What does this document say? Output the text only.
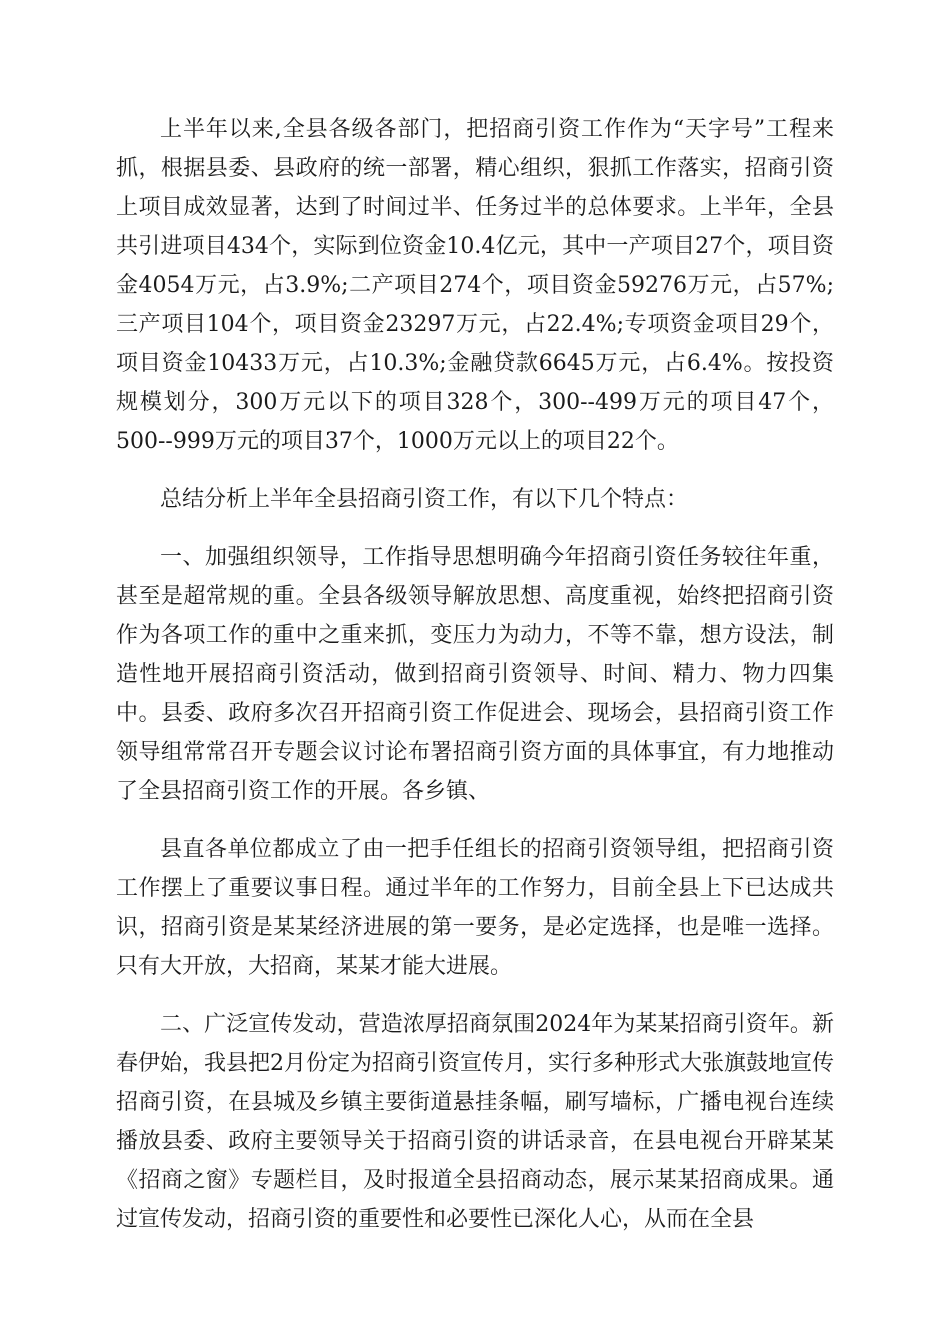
上半年以来,全县各级各部门，把招商引资工作作为“天字号”工程来抓，根据县委、县政府的统一部署，精心组织，狠抓工作落实，招商引资上项目成效显著，达到了时间过半、任务过半的总体要求。上半年，全县共引进项目434个，实际到位资金10.4亿元，其中一产项目27个，项目资金4054万元，占3.9%;二产项目274个，项目资金59276万元，占57%;三产项目104个，项目资金23297万元，占22.4%;专项资金项目29个，项目资金10433万元，占10.3%;金融贷款6645万元，占6.4%。按投资规模划分，300万元以下的项目328个，300--499万元的项目47个，500--999万元的项目37个，1000万元以上的项目22个。

总结分析上半年全县招商引资工作，有以下几个特点：

一、加强组织领导，工作指导思想明确今年招商引资任务较往年重，甚至是超常规的重。全县各级领导解放思想、高度重视，始终把招商引资作为各项工作的重中之重来抓，变压力为动力，不等不靠，想方设法，制造性地开展招商引资活动，做到招商引资领导、时间、精力、物力四集中。县委、政府多次召开招商引资工作促进会、现场会，县招商引资工作领导组常常召开专题会议讨论布署招商引资方面的具体事宜，有力地推动了全县招商引资工作的开展。各乡镇、

县直各单位都成立了由一把手任组长的招商引资领导组，把招商引资工作摆上了重要议事日程。通过半年的工作努力，目前全县上下已达成共识，招商引资是某某经济进展的第一要务，是必定选择，也是唯一选择。只有大开放，大招商，某某才能大进展。

二、广泛宣传发动，营造浓厚招商氛围2024年为某某招商引资年。新春伊始，我县把2月份定为招商引资宣传月，实行多种形式大张旗鼓地宣传招商引资，在县城及乡镇主要街道悬挂条幅，刷写墙标，广播电视台连续播放县委、政府主要领导关于招商引资的讲话录音，在县电视台开辟某某《招商之窗》专题栏目，及时报道全县招商动态，展示某某招商成果。通过宣传发动，招商引资的重要性和必要性已深化人心，从而在全县
